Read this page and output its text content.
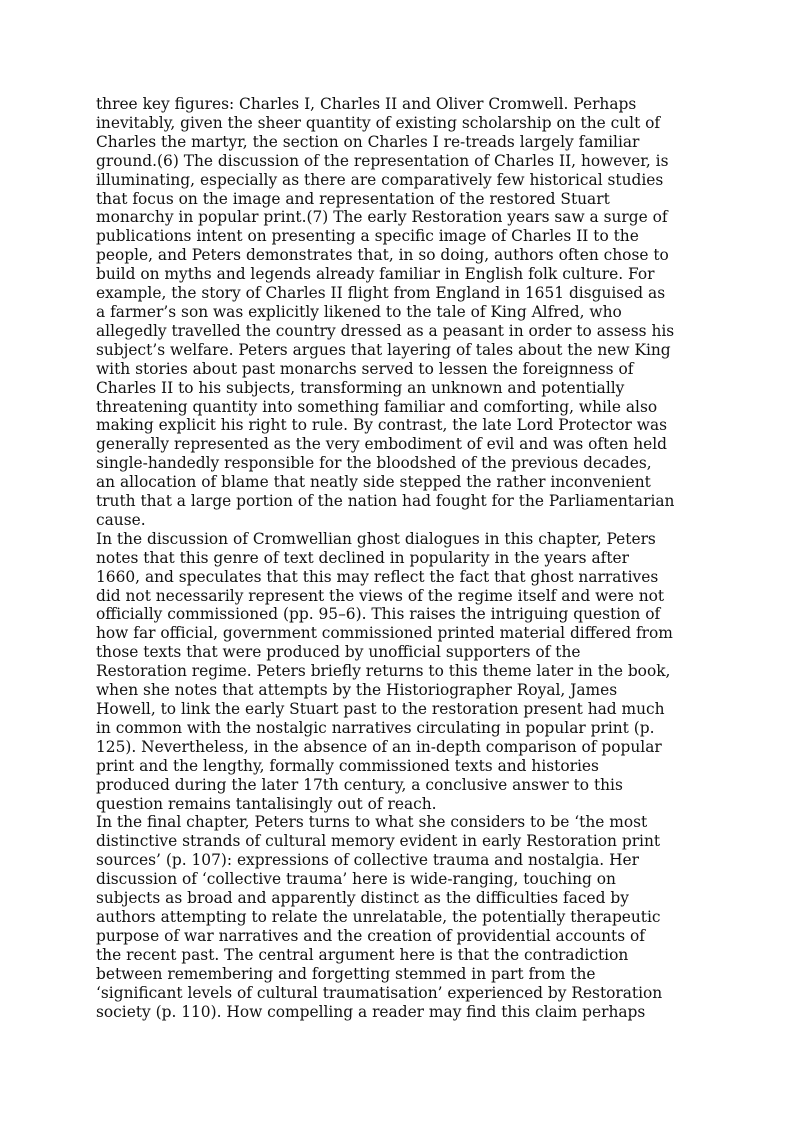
three key figures: Charles I, Charles II and Oliver Cromwell. Perhaps
inevitably, given the sheer quantity of existing scholarship on the cult of
Charles the martyr, the section on Charles I re-treads largely familiar
ground.(6) The discussion of the representation of Charles II, however, is
illuminating, especially as there are comparatively few historical studies
that focus on the image and representation of the restored Stuart
monarchy in popular print.(7) The early Restoration years saw a surge of
publications intent on presenting a specific image of Charles II to the
people, and Peters demonstrates that, in so doing, authors often chose to
build on myths and legends already familiar in English folk culture. For
example, the story of Charles II flight from England in 1651 disguised as
a farmer’s son was explicitly likened to the tale of King Alfred, who
allegedly travelled the country dressed as a peasant in order to assess his
subject’s welfare. Peters argues that layering of tales about the new King
with stories about past monarchs served to lessen the foreignness of
Charles II to his subjects, transforming an unknown and potentially
threatening quantity into something familiar and comforting, while also
making explicit his right to rule. By contrast, the late Lord Protector was
generally represented as the very embodiment of evil and was often held
single-handedly responsible for the bloodshed of the previous decades,
an allocation of blame that neatly side stepped the rather inconvenient
truth that a large portion of the nation had fought for the Parliamentarian
cause.
In the discussion of Cromwellian ghost dialogues in this chapter, Peters
notes that this genre of text declined in popularity in the years after
1660, and speculates that this may reflect the fact that ghost narratives
did not necessarily represent the views of the regime itself and were not
officially commissioned (pp. 95–6). This raises the intriguing question of
how far official, government commissioned printed material differed from
those texts that were produced by unofficial supporters of the
Restoration regime. Peters briefly returns to this theme later in the book,
when she notes that attempts by the Historiographer Royal, James
Howell, to link the early Stuart past to the restoration present had much
in common with the nostalgic narratives circulating in popular print (p.
125). Nevertheless, in the absence of an in-depth comparison of popular
print and the lengthy, formally commissioned texts and histories
produced during the later 17th century, a conclusive answer to this
question remains tantalisingly out of reach.
In the final chapter, Peters turns to what she considers to be ‘the most
distinctive strands of cultural memory evident in early Restoration print
sources’ (p. 107): expressions of collective trauma and nostalgia. Her
discussion of ‘collective trauma’ here is wide-ranging, touching on
subjects as broad and apparently distinct as the difficulties faced by
authors attempting to relate the unrelatable, the potentially therapeutic
purpose of war narratives and the creation of providential accounts of
the recent past. The central argument here is that the contradiction
between remembering and forgetting stemmed in part from the
‘significant levels of cultural traumatisation’ experienced by Restoration
society (p. 110). How compelling a reader may find this claim perhaps
